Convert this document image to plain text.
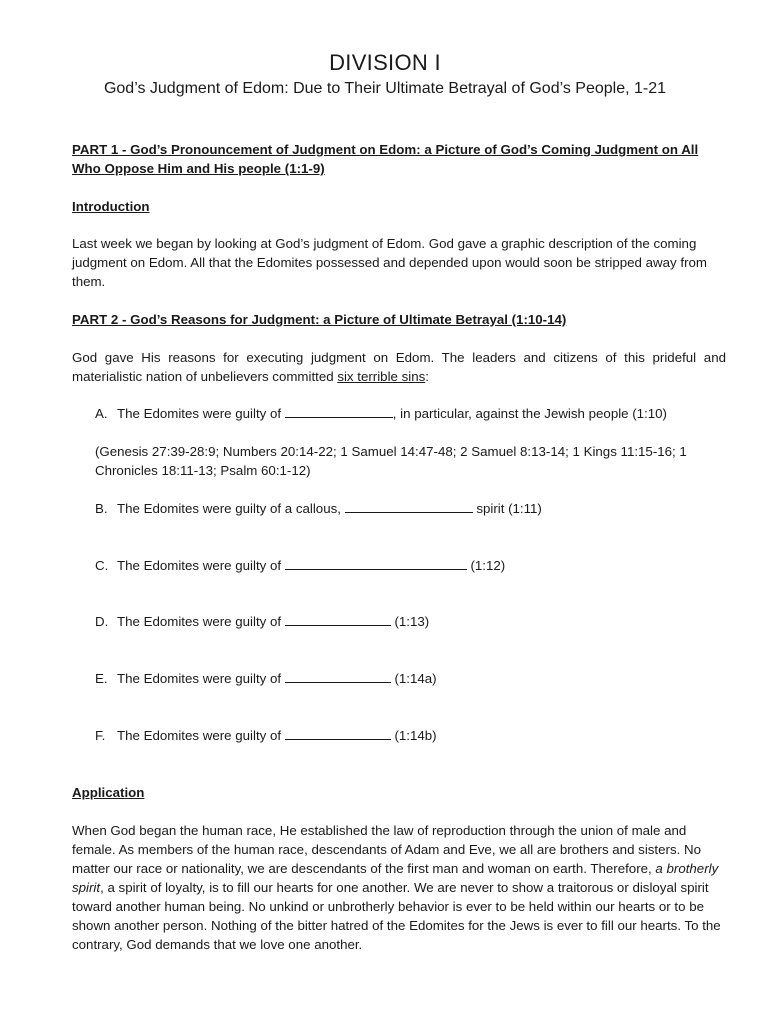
DIVISION I
God’s Judgment of Edom: Due to Their Ultimate Betrayal of God’s People, 1-21
PART 1 - God’s Pronouncement of Judgment on Edom: a Picture of God’s Coming Judgment on All Who Oppose Him and His people (1:1-9)
Introduction
Last week we began by looking at God’s judgment of Edom. God gave a graphic description of the coming judgment on Edom. All that the Edomites possessed and depended upon would soon be stripped away from them.
PART 2 - God’s Reasons for Judgment: a Picture of Ultimate Betrayal (1:10-14)
God gave His reasons for executing judgment on Edom. The leaders and citizens of this prideful and materialistic nation of unbelievers committed six terrible sins:
A. The Edomites were guilty of	, in particular, against the Jewish people (1:10)
(Genesis 27:39-28:9; Numbers 20:14-22; 1 Samuel 14:47-48; 2 Samuel 8:13-14; 1 Kings 11:15-16; 1 Chronicles 18:11-13; Psalm 60:1-12)
B. The Edomites were guilty of a callous,	spirit (1:11)
C. The Edomites were guilty of	(1:12)
D. The Edomites were guilty of	(1:13)
E. The Edomites were guilty of	(1:14a)
F. The Edomites were guilty of	(1:14b)
Application
When God began the human race, He established the law of reproduction through the union of male and female. As members of the human race, descendants of Adam and Eve, we all are brothers and sisters. No matter our race or nationality, we are descendants of the first man and woman on earth. Therefore, a brotherly spirit, a spirit of loyalty, is to fill our hearts for one another. We are never to show a traitorous or disloyal spirit toward another human being. No unkind or unbrotherly behavior is ever to be held within our hearts or to be shown another person. Nothing of the bitter hatred of the Edomites for the Jews is ever to fill our hearts. To the contrary, God demands that we love one another.
